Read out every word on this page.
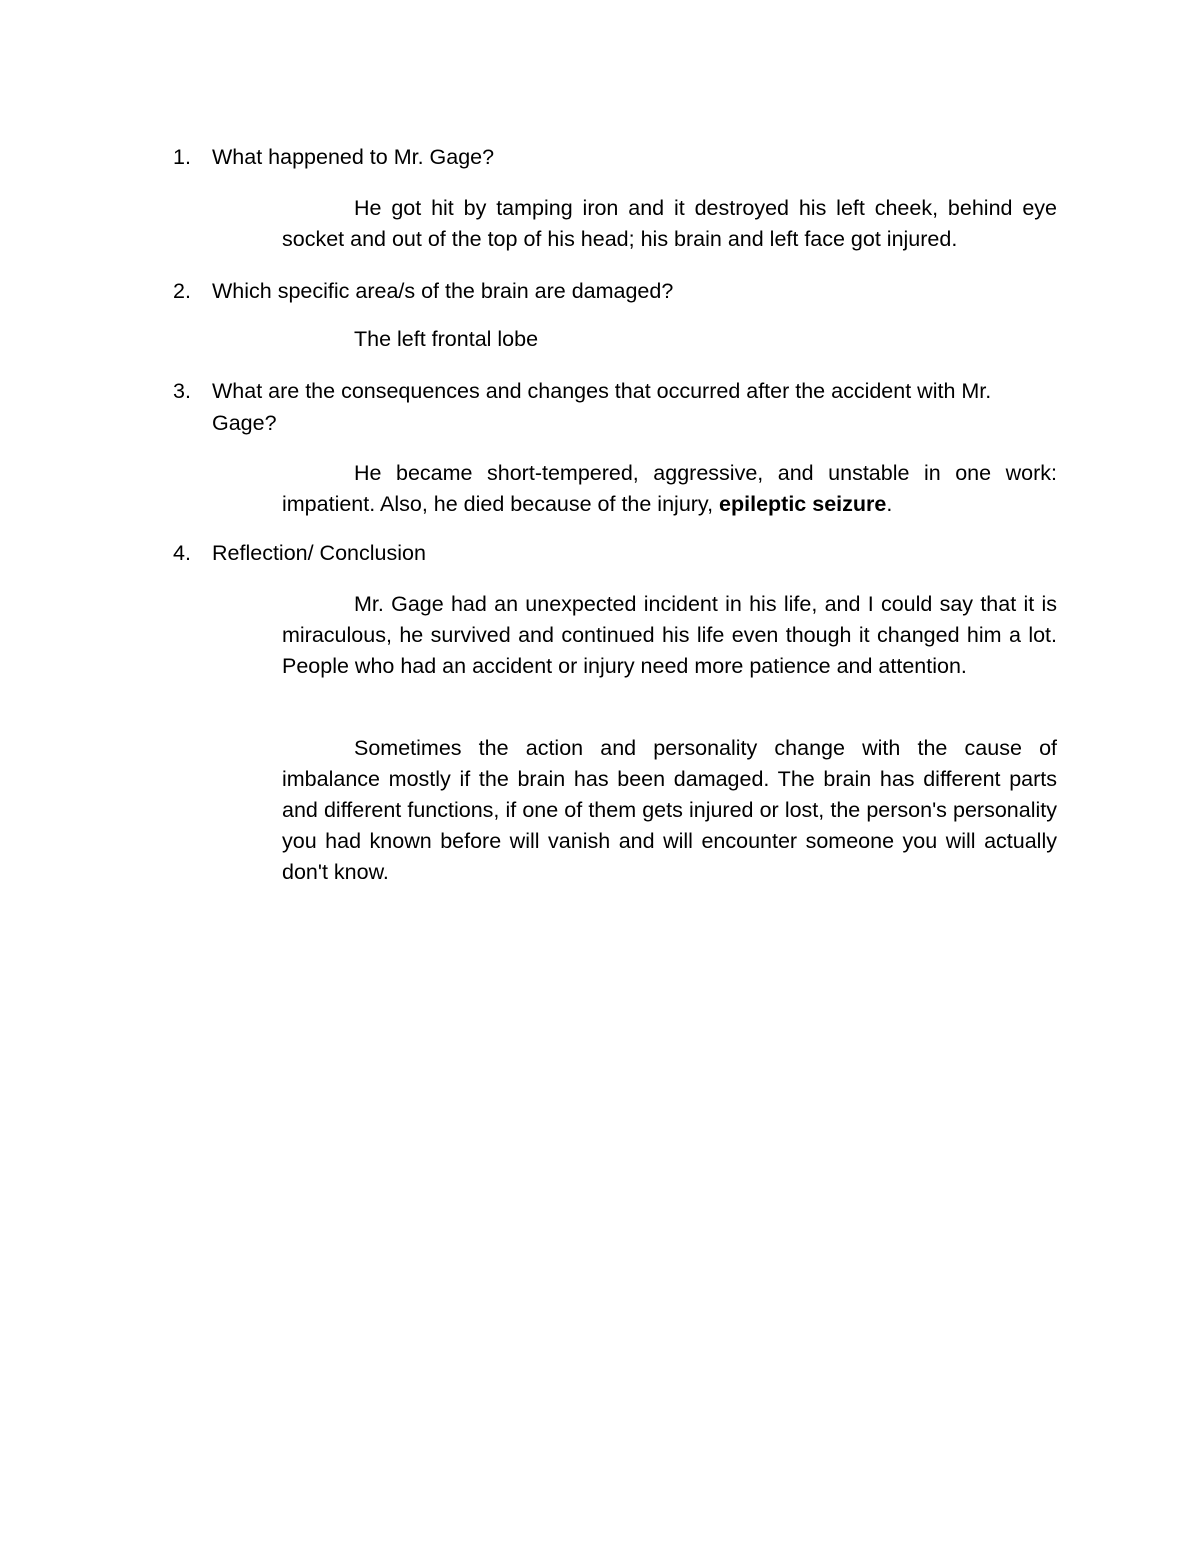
1. What happened to Mr. Gage?

He got hit by tamping iron and it destroyed his left cheek, behind eye socket and out of the top of his head; his brain and left face got injured.

2. Which specific area/s of the brain are damaged?

The left frontal lobe

3. What are the consequences and changes that occurred after the accident with Mr. Gage?

He became short-tempered, aggressive, and unstable in one work: impatient. Also, he died because of the injury, epileptic seizure.

4. Reflection/ Conclusion

Mr. Gage had an unexpected incident in his life, and I could say that it is miraculous, he survived and continued his life even though it changed him a lot. People who had an accident or injury need more patience and attention.

Sometimes the action and personality change with the cause of imbalance mostly if the brain has been damaged. The brain has different parts and different functions, if one of them gets injured or lost, the person's personality you had known before will vanish and will encounter someone you will actually don't know.
